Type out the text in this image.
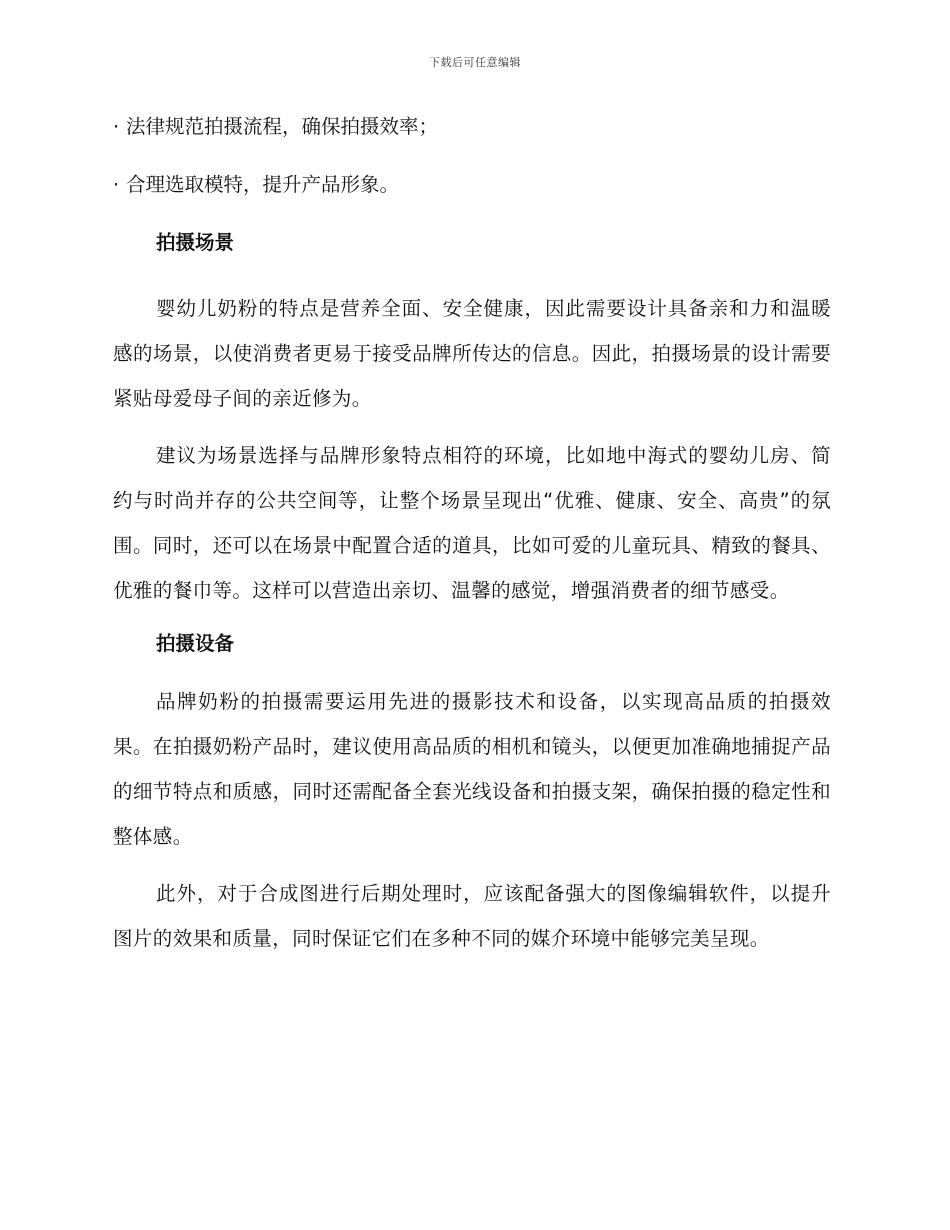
下载后可任意编辑
· 法律规范拍摄流程，确保拍摄效率；
· 合理选取模特，提升产品形象。
拍摄场景

婴幼儿奶粉的特点是营养全面、安全健康，因此需要设计具备亲和力和温暖感的场景，以使消费者更易于接受品牌所传达的信息。因此，拍摄场景的设计需要紧贴母爱母子间的亲近修为。

建议为场景选择与品牌形象特点相符的环境，比如地中海式的婴幼儿房、简约与时尚并存的公共空间等，让整个场景呈现出“优雅、健康、安全、高贵”的氛围。同时，还可以在场景中配置合适的道具，比如可爱的儿童玩具、精致的餐具、优雅的餐巾等。这样可以营造出亲切、温馨的感觉，增强消费者的细节感受。

拍摄设备

品牌奶粉的拍摄需要运用先进的摄影技术和设备，以实现高品质的拍摄效果。在拍摄奶粉产品时，建议使用高品质的相机和镜头，以便更加准确地捕捉产品的细节特点和质感，同时还需配备全套光线设备和拍摄支架，确保拍摄的稳定性和整体感。

此外，对于合成图进行后期处理时，应该配备强大的图像编辑软件，以提升图片的效果和质量，同时保证它们在多种不同的媒介环境中能够完美呈现。
